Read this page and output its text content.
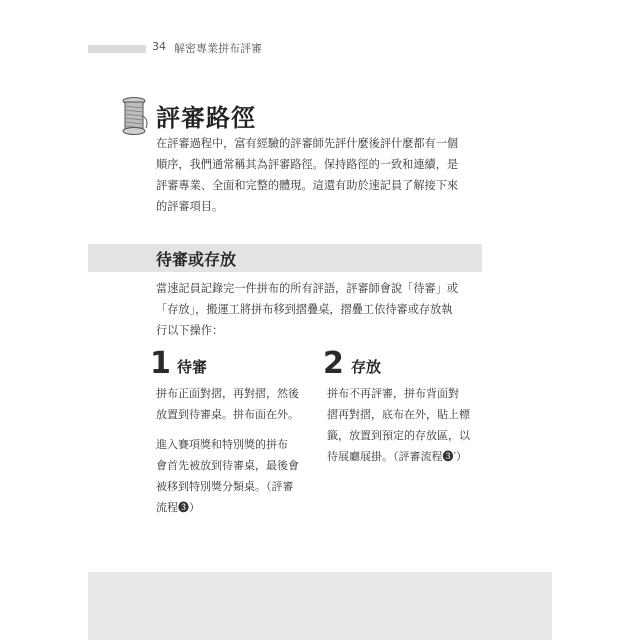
34 解密專業拼布評審
評審路徑
在評審過程中，富有經驗的評審師先評什麼後評什麼都有一個
順序，我們通常稱其為評審路徑。保持路徑的一致和連續，是
評審專業、全面和完整的體現。這還有助於速記員了解接下來
的評審項目。
待審或存放
當速記員記錄完一件拼布的所有評語，評審師會說「待審」或
「存放」，搬運工將拼布移到摺疊桌，摺疊工依待審或存放執
行以下操作：
1 待審
拼布正面對摺，再對摺，然後
放置到待審桌。拼布面在外。
進入賽項獎和特別獎的拼布
會首先被放到待審桌，最後會
被移到特別獎分類桌。（評審
流程❸）
2 存放
拼布不再評審，拼布背面對
摺再對摺，底布在外，貼上標
籤，放置到預定的存放區，以
待展廳展掛。（評審流程❸′）
